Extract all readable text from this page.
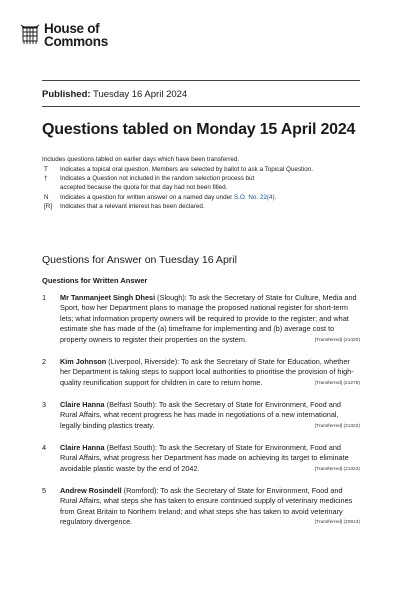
House of
Commons
Published: Tuesday 16 April 2024
Questions tabled on Monday 15 April 2024
Includes questions tabled on earlier days which have been transferred.
T	Indicates a topical oral question. Members are selected by ballot to ask a Topical Question.
†	Indicates a Question not included in the random selection process but accepted because the quota for that day had not been filled.
N	Indicates a question for written answer on a named day under S.O. No. 22(4).
[R]	Indicates that a relevant interest has been declared.
Questions for Answer on Tuesday 16 April
Questions for Written Answer
1	Mr Tanmanjeet Singh Dhesi (Slough): To ask the Secretary of State for Culture, Media and Sport, how her Department plans to manage the proposed national register for short-term lets; what information property owners will be required to provide to the register; and what estimate she has made of the (a) timeframe for implementing and (b) average cost to property owners to register their properties on the system.	[Transferred] (21420)
2	Kim Johnson (Liverpool, Riverside): To ask the Secretary of State for Education, whether her Department is taking steps to support local authorities to prioritise the provision of high-quality reunification support for children in care to return home.	[Transferred] (21278)
3	Claire Hanna (Belfast South): To ask the Secretary of State for Environment, Food and Rural Affairs, what recent progress he has made in negotiations of a new international, legally binding plastics treaty.	[Transferred] (21322)
4	Claire Hanna (Belfast South): To ask the Secretary of State for Environment, Food and Rural Affairs, what progress her Department has made on achieving its target to eliminate avoidable plastic waste by the end of 2042.	[Transferred] (21323)
5	Andrew Rosindell (Romford): To ask the Secretary of State for Environment, Food and Rural Affairs, what steps she has taken to ensure continued supply of veterinary medicines from Great Britain to Northern Ireland; and what steps she has taken to avoid veterinary regulatory divergence.	[Transferred] (20913)
